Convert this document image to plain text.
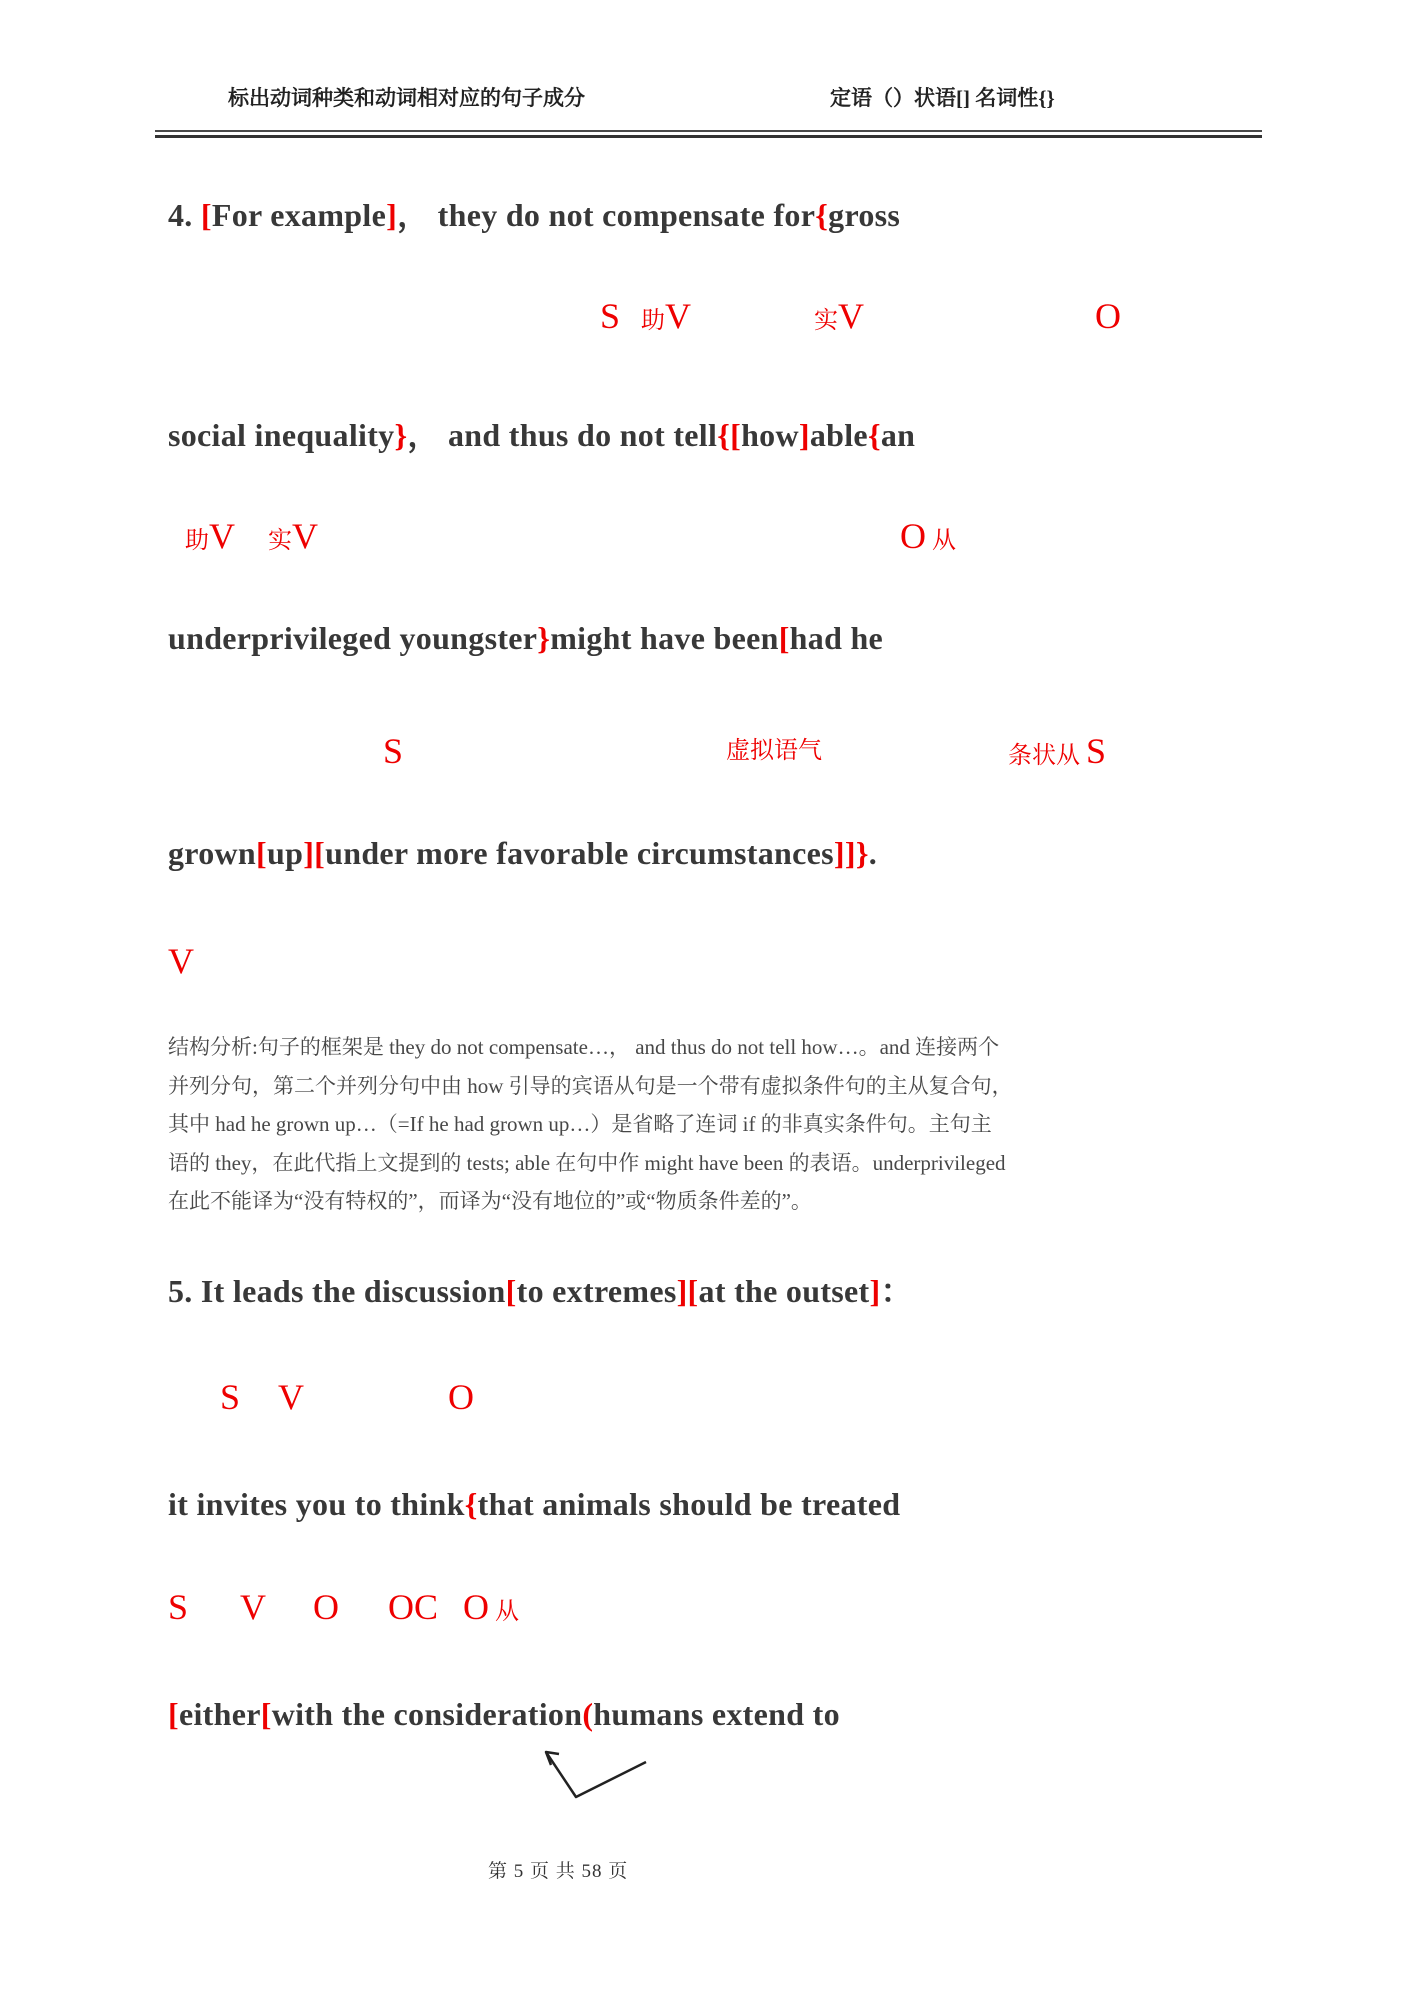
标出动词种类和动词相对应的句子成分	定语（）状语[] 名词性{}
4. [For example]， they do not compensate for{gross
S 助V	实V	O
social inequality}， and thus do not tell{[how]able{an
助V 实V	O 从
underprivileged youngster}might have been[had he
S	虚拟语气	条状从 S
grown[up][under more favorable circumstances]]}.
V
结构分析:句子的框架是 they do not compensate…， and thus do not tell how…。and 连接两个
并列分句，第二个并列分句中由 how 引导的宾语从句是一个带有虚拟条件句的主从复合句，
其中 had he grown up…（=If he had grown up…）是省略了连词 if 的非真实条件句。主句主
语的 they，在此代指上文提到的 tests; able 在句中作 might have been 的表语。underprivileged
在此不能译为“没有特权的”，而译为“没有地位的”或“物质条件差的”。
5. It leads the discussion[to extremes][at the outset]：
S V	O
it invites you to think{that animals should be treated
S V O OC O 从
[either[with the consideration(humans extend to
第 5 页 共 58 页
